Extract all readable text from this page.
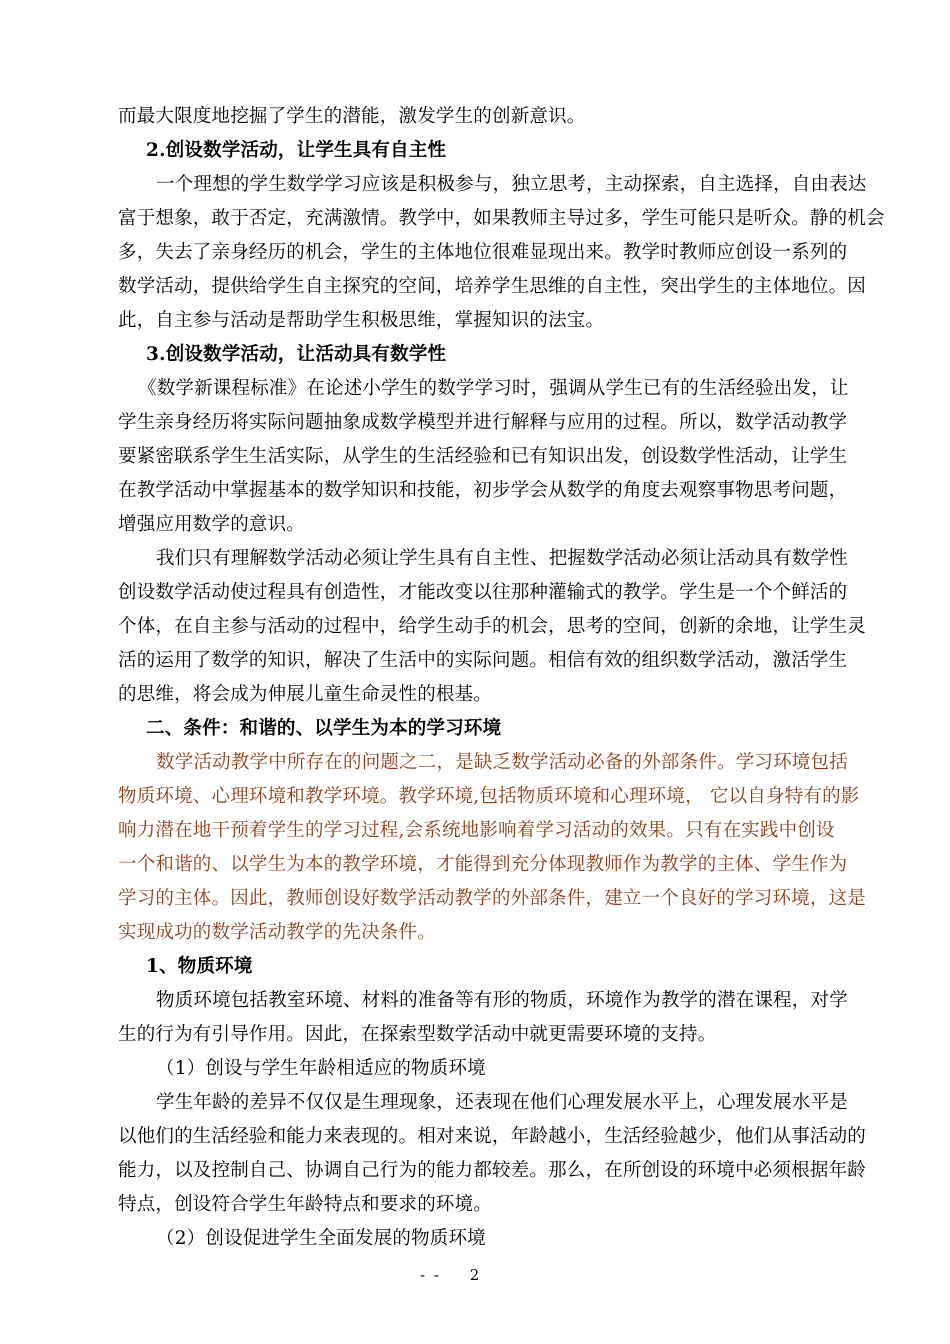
而最大限度地挖掘了学生的潜能，激发学生的创新意识。
2.创设数学活动，让学生具有自主性
一个理想的学生数学学习应该是积极参与，独立思考，主动探索，自主选择，自由表达
富于想象，敢于否定，充满激情。教学中，如果教师主导过多，学生可能只是听众。静的机会
多，失去了亲身经历的机会，学生的主体地位很难显现出来。教学时教师应创设一系列的
数学活动，提供给学生自主探究的空间，培养学生思维的自主性，突出学生的主体地位。因
此，自主参与活动是帮助学生积极思维，掌握知识的法宝。
3.创设数学活动，让活动具有数学性
《数学新课程标准》在论述小学生的数学学习时，强调从学生已有的生活经验出发，让
学生亲身经历将实际问题抽象成数学模型并进行解释与应用的过程。所以，数学活动教学
要紧密联系学生生活实际，从学生的生活经验和已有知识出发，创设数学性活动，让学生
在教学活动中掌握基本的数学知识和技能，初步学会从数学的角度去观察事物思考问题，
增强应用数学的意识。
我们只有理解数学活动必须让学生具有自主性、把握数学活动必须让活动具有数学性
创设数学活动使过程具有创造性，才能改变以往那种灌输式的教学。学生是一个个鲜活的
个体，在自主参与活动的过程中，给学生动手的机会，思考的空间，创新的余地，让学生灵
活的运用了数学的知识，解决了生活中的实际问题。相信有效的组织数学活动，激活学生
的思维，将会成为伸展儿童生命灵性的根基。
二、条件：和谐的、以学生为本的学习环境
数学活动教学中所存在的问题之二，是缺乏数学活动必备的外部条件。学习环境包括
物质环境、心理环境和教学环境。教学环境,包括物质环境和心理环境， 它以自身特有的影
响力潜在地干预着学生的学习过程,会系统地影响着学习活动的效果。只有在实践中创设
一个和谐的、以学生为本的教学环境，才能得到充分体现教师作为教学的主体、学生作为
学习的主体。因此，教师创设好数学活动教学的外部条件，建立一个良好的学习环境，这是
实现成功的数学活动教学的先决条件。
1、物质环境
物质环境包括教室环境、材料的准备等有形的物质，环境作为教学的潜在课程，对学
生的行为有引导作用。因此，在探索型数学活动中就更需要环境的支持。
（1）创设与学生年龄相适应的物质环境
学生年龄的差异不仅仅是生理现象，还表现在他们心理发展水平上，心理发展水平是
以他们的生活经验和能力来表现的。相对来说，年龄越小，生活经验越少，他们从事活动的
能力，以及控制自己、协调自己行为的能力都较差。那么，在所创设的环境中必须根据年龄
特点，创设符合学生年龄特点和要求的环境。
（2）创设促进学生全面发展的物质环境
- - 2
